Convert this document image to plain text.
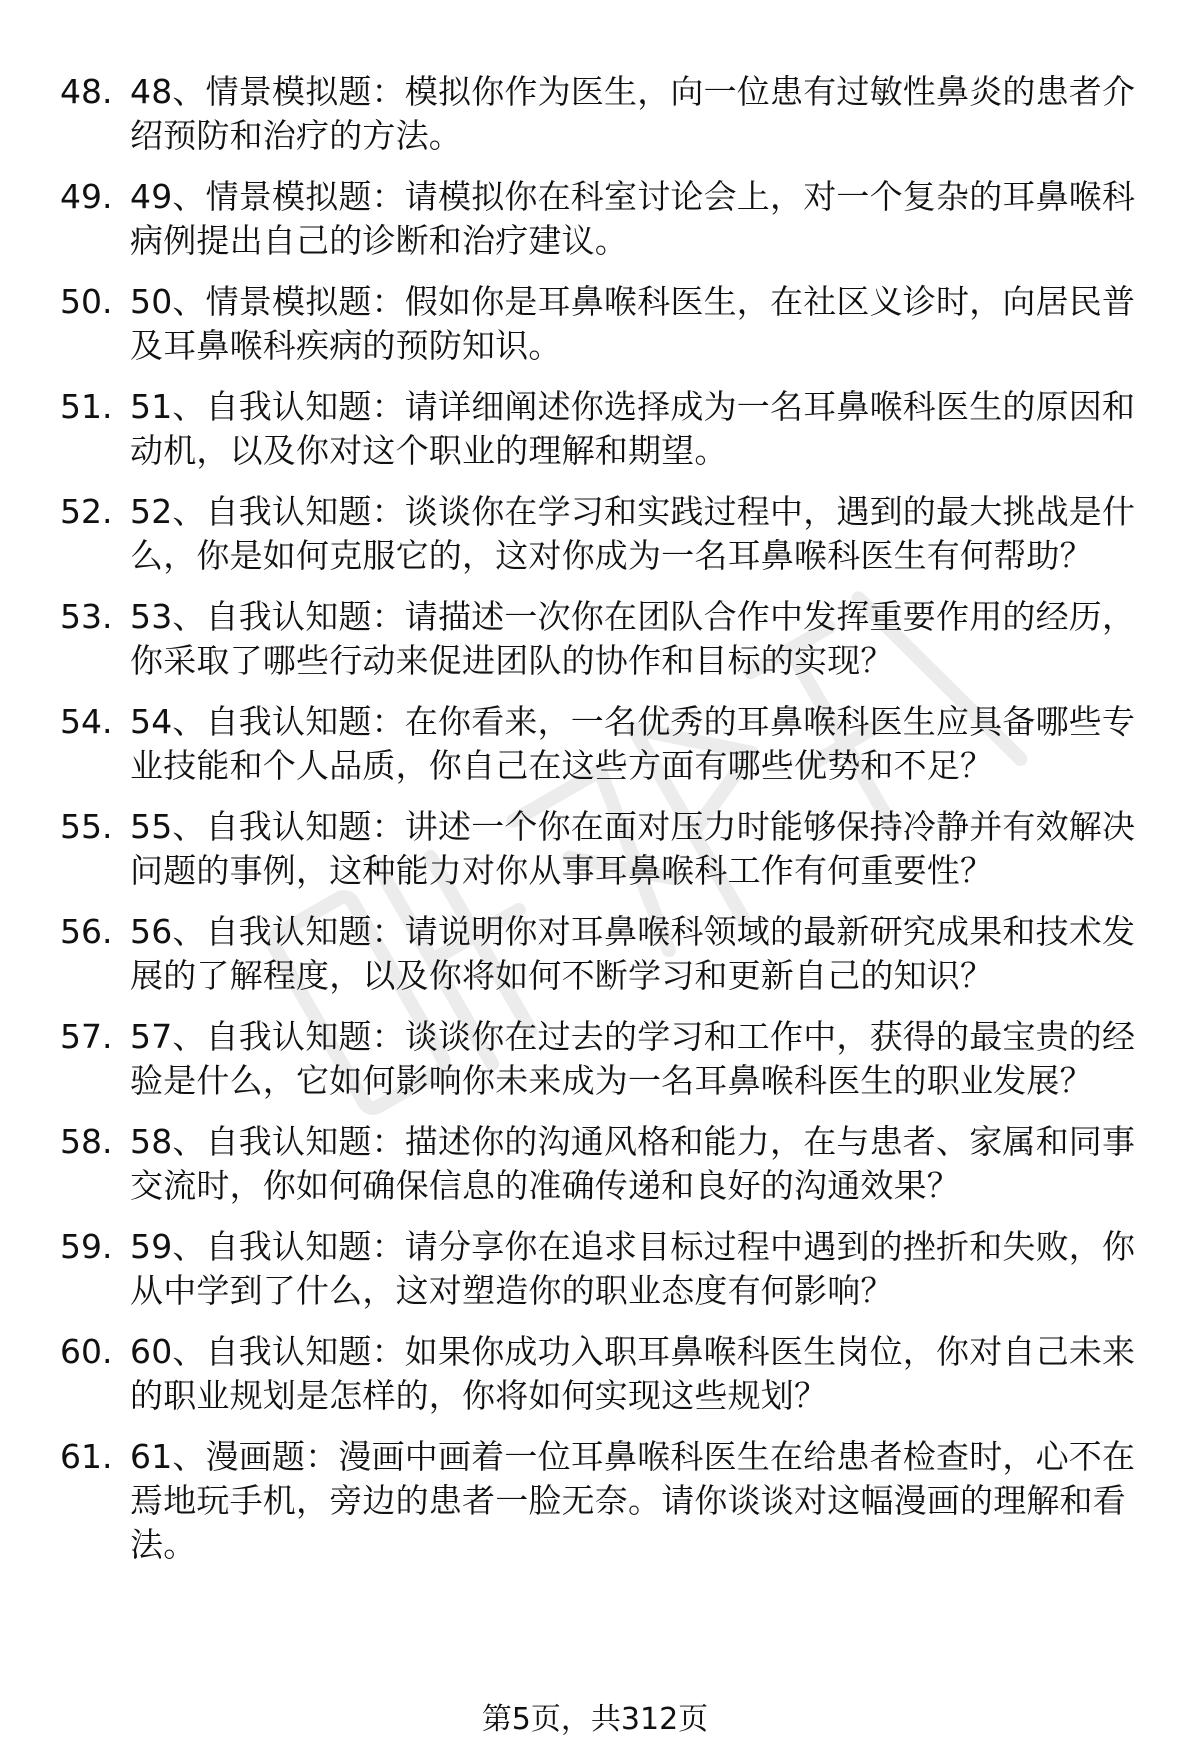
48. 48、情景模拟题：模拟你作为医生，向一位患有过敏性鼻炎的患者介绍预防和治疗的方法。
49. 49、情景模拟题：请模拟你在科室讨论会上，对一个复杂的耳鼻喉科病例提出自己的诊断和治疗建议。
50. 50、情景模拟题：假如你是耳鼻喉科医生，在社区义诊时，向居民普及耳鼻喉科疾病的预防知识。
51. 51、自我认知题：请详细阐述你选择成为一名耳鼻喉科医生的原因和动机，以及你对这个职业的理解和期望。
52. 52、自我认知题：谈谈你在学习和实践过程中，遇到的最大挑战是什么，你是如何克服它的，这对你成为一名耳鼻喉科医生有何帮助？
53. 53、自我认知题：请描述一次你在团队合作中发挥重要作用的经历，你采取了哪些行动来促进团队的协作和目标的实现？
54. 54、自我认知题：在你看来，一名优秀的耳鼻喉科医生应具备哪些专业技能和个人品质，你自己在这些方面有哪些优势和不足？
55. 55、自我认知题：讲述一个你在面对压力时能够保持冷静并有效解决问题的事例，这种能力对你从事耳鼻喉科工作有何重要性？
56. 56、自我认知题：请说明你对耳鼻喉科领域的最新研究成果和技术发展的了解程度，以及你将如何不断学习和更新自己的知识？
57. 57、自我认知题：谈谈你在过去的学习和工作中，获得的最宝贵的经验是什么，它如何影响你未来成为一名耳鼻喉科医生的职业发展？
58. 58、自我认知题：描述你的沟通风格和能力，在与患者、家属和同事交流时，你如何确保信息的准确传递和良好的沟通效果？
59. 59、自我认知题：请分享你在追求目标过程中遇到的挫折和失败，你从中学到了什么，这对塑造你的职业态度有何影响？
60. 60、自我认知题：如果你成功入职耳鼻喉科医生岗位，你对自己未来的职业规划是怎样的，你将如何实现这些规划？
61. 61、漫画题：漫画中画着一位耳鼻喉科医生在给患者检查时，心不在焉地玩手机，旁边的患者一脸无奈。请你谈谈对这幅漫画的理解和看法。
第5页，共312页
